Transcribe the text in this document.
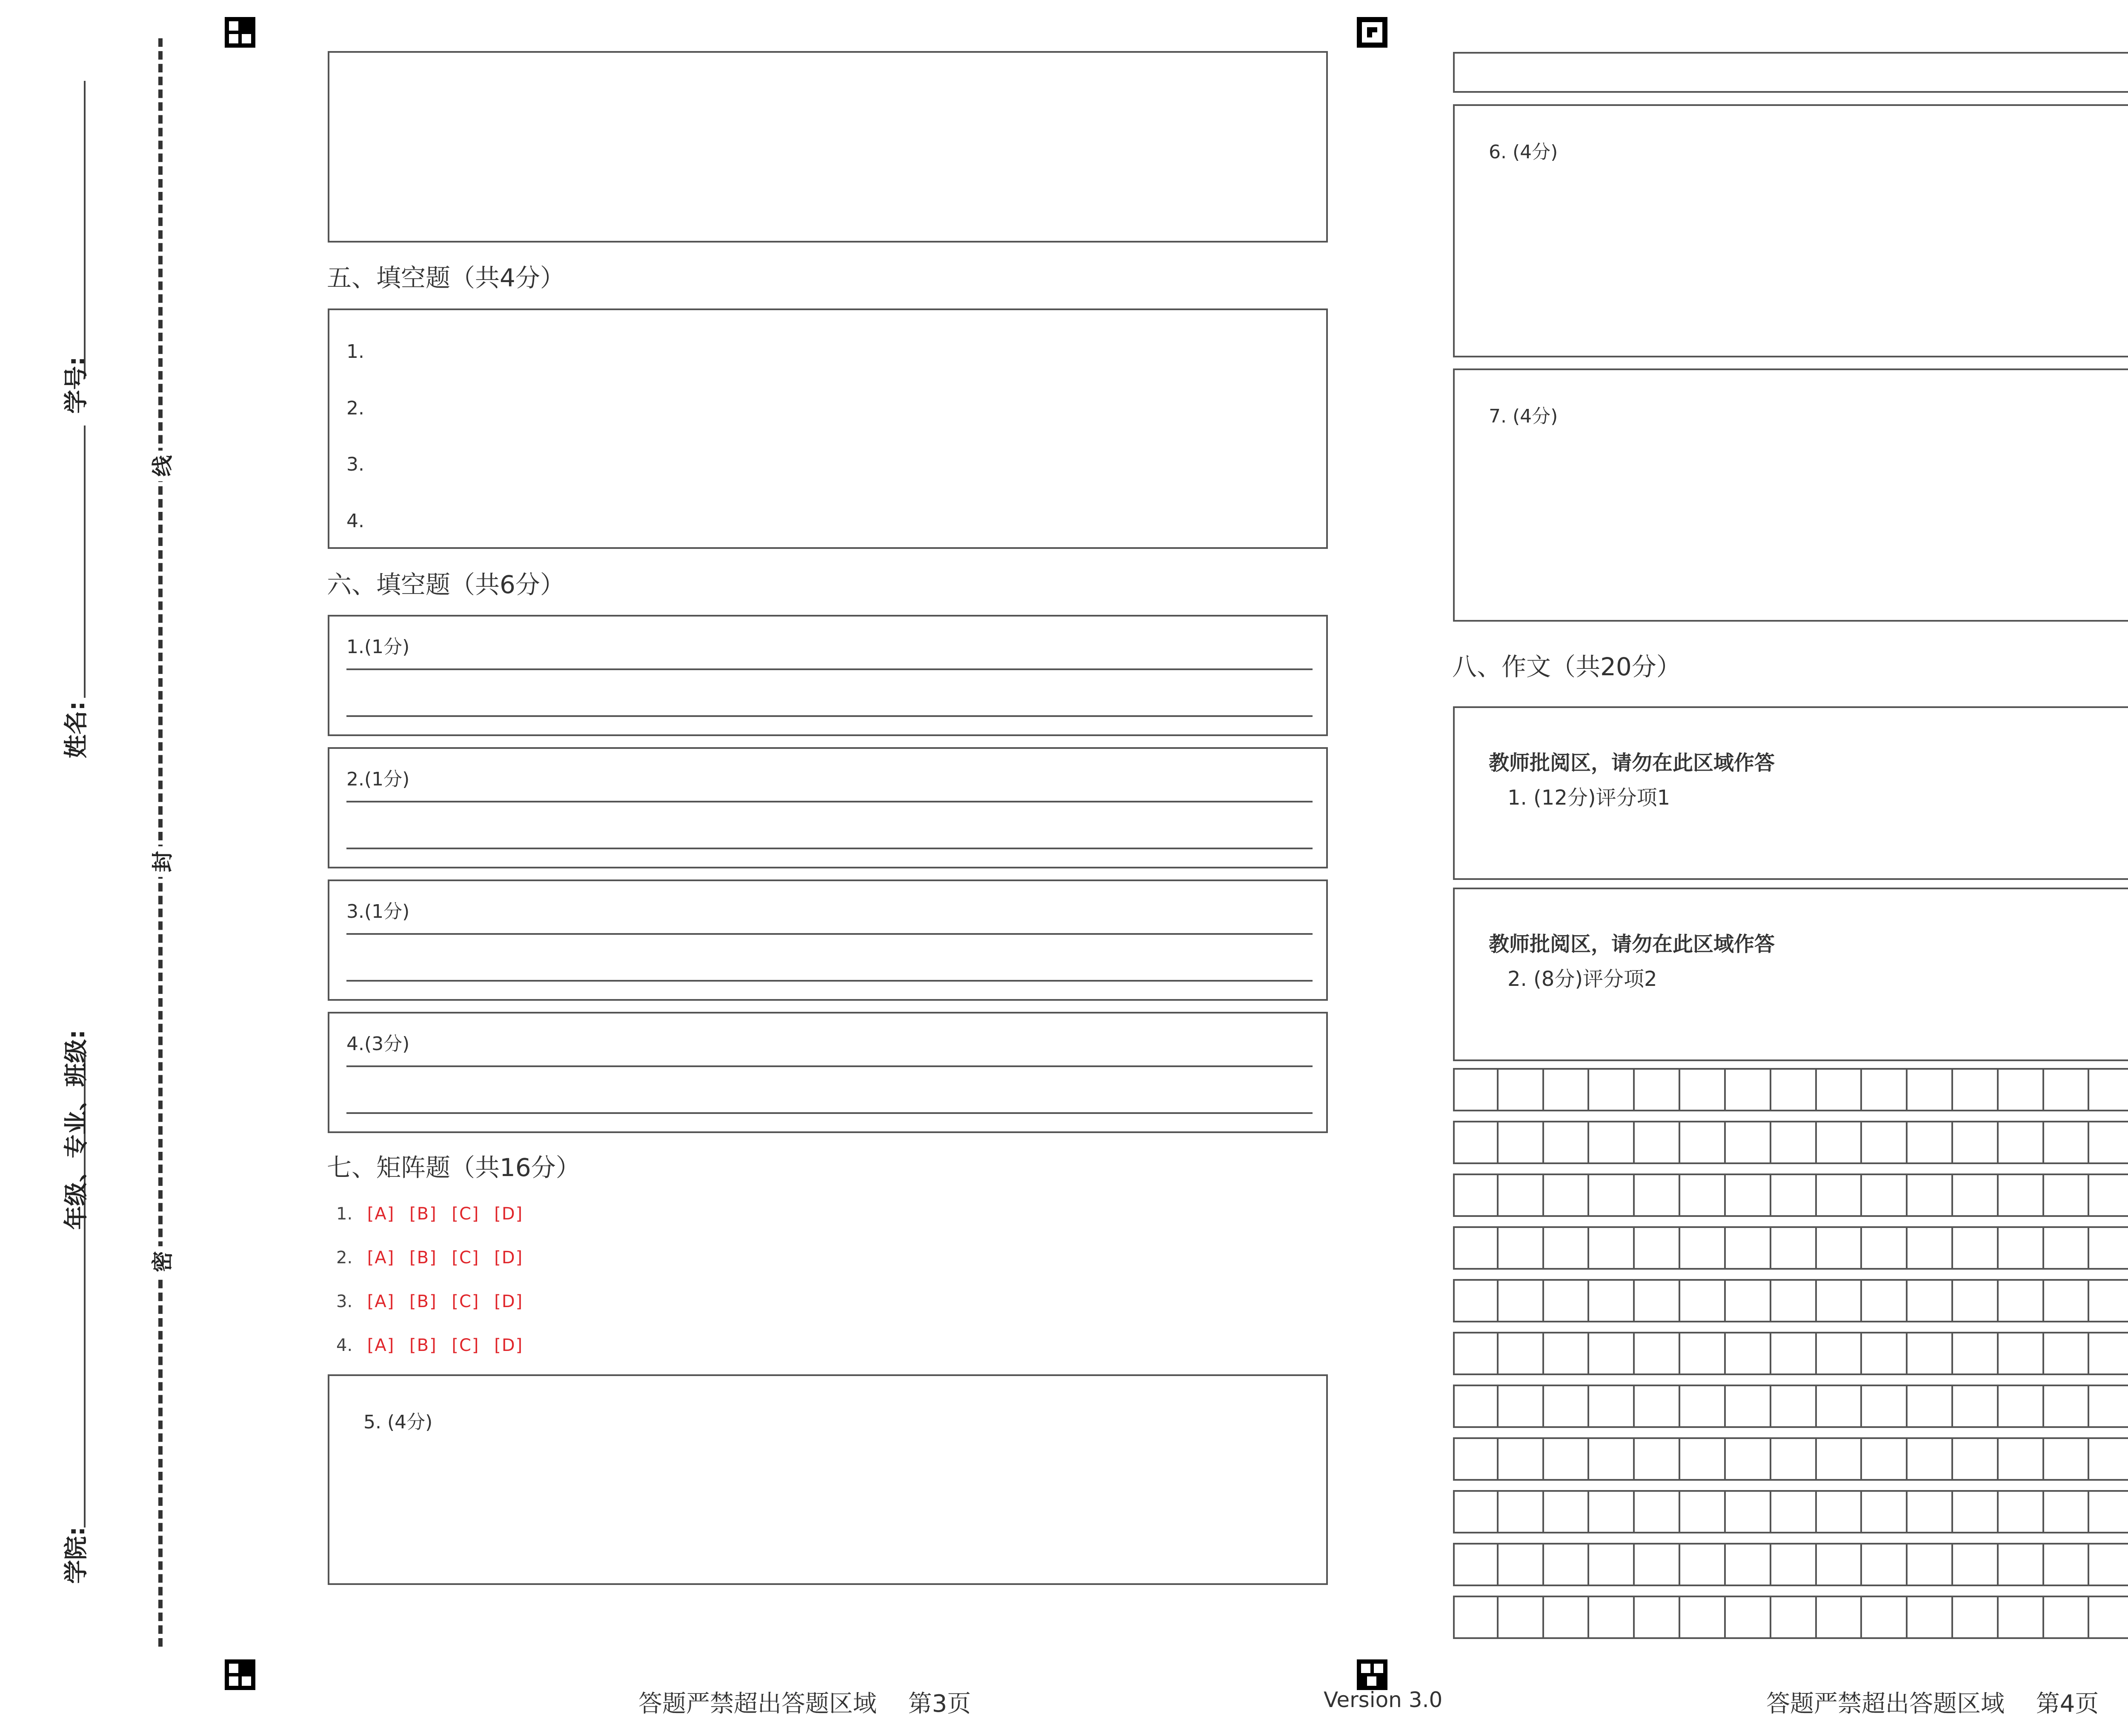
学号:
姓名:
年级、专业、班级:
学院:
线
封
密
五、填空题（共4分）
1.
2.
3.
4.
六、填空题（共6分）
1.(1分)
2.(1分)
3.(1分)
4.(3分)
七、矩阵题（共16分）
1. [A] [B] [C] [D]
2. [A] [B] [C] [D]
3. [A] [B] [C] [D]
4. [A] [B] [C] [D]
5. (4分)
答题严禁超出答题区域　 第3页	Version 3.0
6. (4分)
7. (4分)
八、作文（共20分）
教师批阅区，请勿在此区域作答
1. (12分)评分项1
教师批阅区，请勿在此区域作答
2. (8分)评分项2
答题严禁超出答题区域　 第4页
